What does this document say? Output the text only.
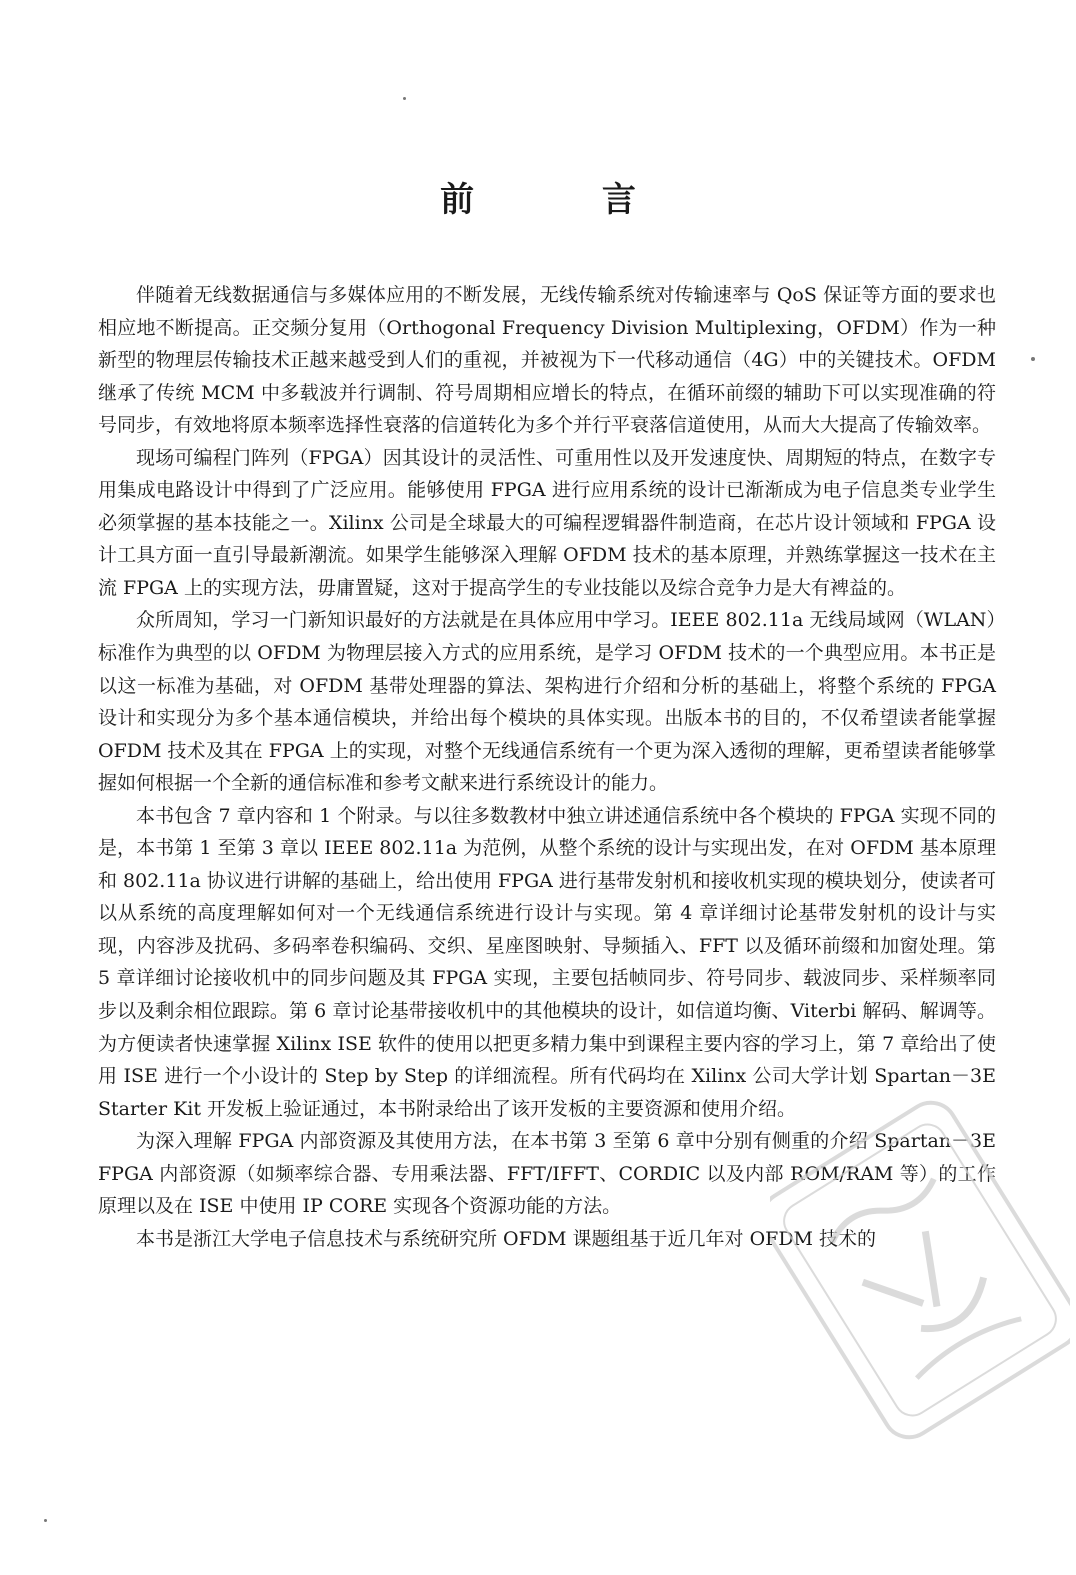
前 言

伴随着无线数据通信与多媒体应用的不断发展，无线传输系统对传输速率与 QoS 保证等方面的要求也相应地不断提高。正交频分复用（Orthogonal Frequency Division Multiplexing，OFDM）作为一种新型的物理层传输技术正越来越受到人们的重视，并被视为下一代移动通信（4G）中的关键技术。OFDM 继承了传统 MCM 中多载波并行调制、符号周期相应增长的特点，在循环前缀的辅助下可以实现准确的符号同步，有效地将原本频率选择性衰落的信道转化为多个并行平衰落信道使用，从而大大提高了传输效率。

现场可编程门阵列（FPGA）因其设计的灵活性、可重用性以及开发速度快、周期短的特点，在数字专用集成电路设计中得到了广泛应用。能够使用 FPGA 进行应用系统的设计已渐渐成为电子信息类专业学生必须掌握的基本技能之一。Xilinx 公司是全球最大的可编程逻辑器件制造商，在芯片设计领域和 FPGA 设计工具方面一直引导最新潮流。如果学生能够深入理解 OFDM 技术的基本原理，并熟练掌握这一技术在主流 FPGA 上的实现方法，毋庸置疑，这对于提高学生的专业技能以及综合竞争力是大有裨益的。

众所周知，学习一门新知识最好的方法就是在具体应用中学习。IEEE 802.11a 无线局域网（WLAN）标准作为典型的以 OFDM 为物理层接入方式的应用系统，是学习 OFDM 技术的一个典型应用。本书正是以这一标准为基础，对 OFDM 基带处理器的算法、架构进行介绍和分析的基础上，将整个系统的 FPGA 设计和实现分为多个基本通信模块，并给出每个模块的具体实现。出版本书的目的，不仅希望读者能掌握 OFDM 技术及其在 FPGA 上的实现，对整个无线通信系统有一个更为深入透彻的理解，更希望读者能够掌握如何根据一个全新的通信标准和参考文献来进行系统设计的能力。

本书包含 7 章内容和 1 个附录。与以往多数教材中独立讲述通信系统中各个模块的 FPGA 实现不同的是，本书第 1 至第 3 章以 IEEE 802.11a 为范例，从整个系统的设计与实现出发，在对 OFDM 基本原理和 802.11a 协议进行讲解的基础上，给出使用 FPGA 进行基带发射机和接收机实现的模块划分，使读者可以从系统的高度理解如何对一个无线通信系统进行设计与实现。第 4 章详细讨论基带发射机的设计与实现，内容涉及扰码、多码率卷积编码、交织、星座图映射、导频插入、FFT 以及循环前缀和加窗处理。第 5 章详细讨论接收机中的同步问题及其 FPGA 实现，主要包括帧同步、符号同步、载波同步、采样频率同步以及剩余相位跟踪。第 6 章讨论基带接收机中的其他模块的设计，如信道均衡、Viterbi 解码、解调等。为方便读者快速掌握 Xilinx ISE 软件的使用以把更多精力集中到课程主要内容的学习上，第 7 章给出了使用 ISE 进行一个小设计的 Step by Step 的详细流程。所有代码均在 Xilinx 公司大学计划 Spartan－3E Starter Kit 开发板上验证通过，本书附录给出了该开发板的主要资源和使用介绍。

为深入理解 FPGA 内部资源及其使用方法，在本书第 3 至第 6 章中分别有侧重的介绍 Spartan－3E FPGA 内部资源（如频率综合器、专用乘法器、FFT/IFFT、CORDIC 以及内部 ROM/RAM 等）的工作原理以及在 ISE 中使用 IP CORE 实现各个资源功能的方法。

本书是浙江大学电子信息技术与系统研究所 OFDM 课题组基于近几年对 OFDM 技术的
